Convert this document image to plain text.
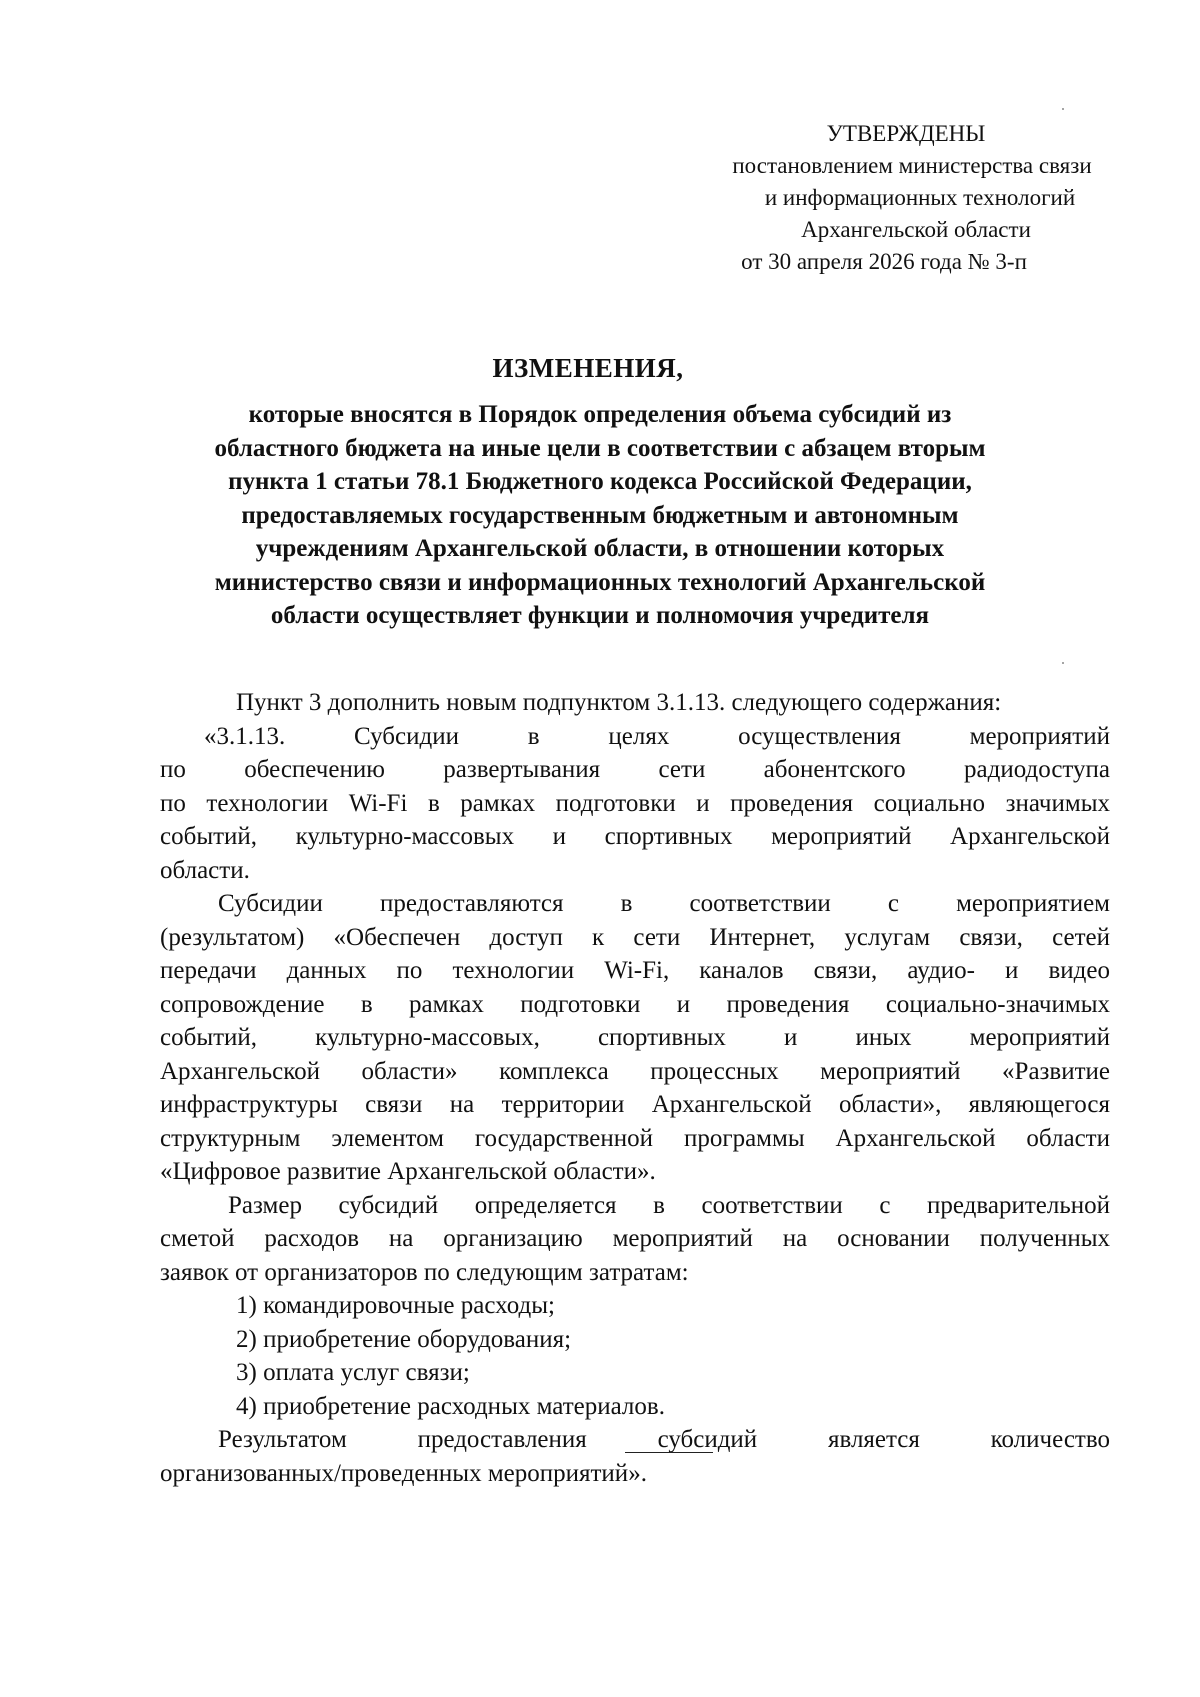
УТВЕРЖДЕНЫ
постановлением министерства связи
и информационных технологий
Архангельской области
от 30 апреля 2026 года № 3-п
ИЗМЕНЕНИЯ,
которые вносятся в Порядок определения объема субсидий из
областного бюджета на иные цели в соответствии с абзацем вторым
пункта 1 статьи 78.1 Бюджетного кодекса Российской Федерации,
предоставляемых государственным бюджетным и автономным
учреждениям Архангельской области, в отношении которых
министерство связи и информационных технологий Архангельской
области осуществляет функции и полномочия учредителя
Пункт 3 дополнить новым подпунктом 3.1.13. следующего содержания:
«3.1.13. Субсидии в целях осуществления мероприятий
по обеспечению развертывания сети абонентского радиодоступа
по технологии Wi-Fi в рамках подготовки и проведения социально значимых
событий, культурно-массовых и спортивных мероприятий Архангельской
области.
Субсидии предоставляются в соответствии с мероприятием
(результатом) «Обеспечен доступ к сети Интернет, услугам связи, сетей
передачи данных по технологии Wi-Fi, каналов связи, аудио- и видео
сопровождение в рамках подготовки и проведения социально-значимых
событий, культурно-массовых, спортивных и иных мероприятий
Архангельской области» комплекса процессных мероприятий «Развитие
инфраструктуры связи на территории Архангельской области», являющегося
структурным элементом государственной программы Архангельской области
«Цифровое развитие Архангельской области».
Размер субсидий определяется в соответствии с предварительной
сметой расходов на организацию мероприятий на основании полученных
заявок от организаторов по следующим затратам:
1) командировочные расходы;
2) приобретение оборудования;
3) оплата услуг связи;
4) приобретение расходных материалов.
Результатом предоставления субсидий является количество
организованных/проведенных мероприятий».
